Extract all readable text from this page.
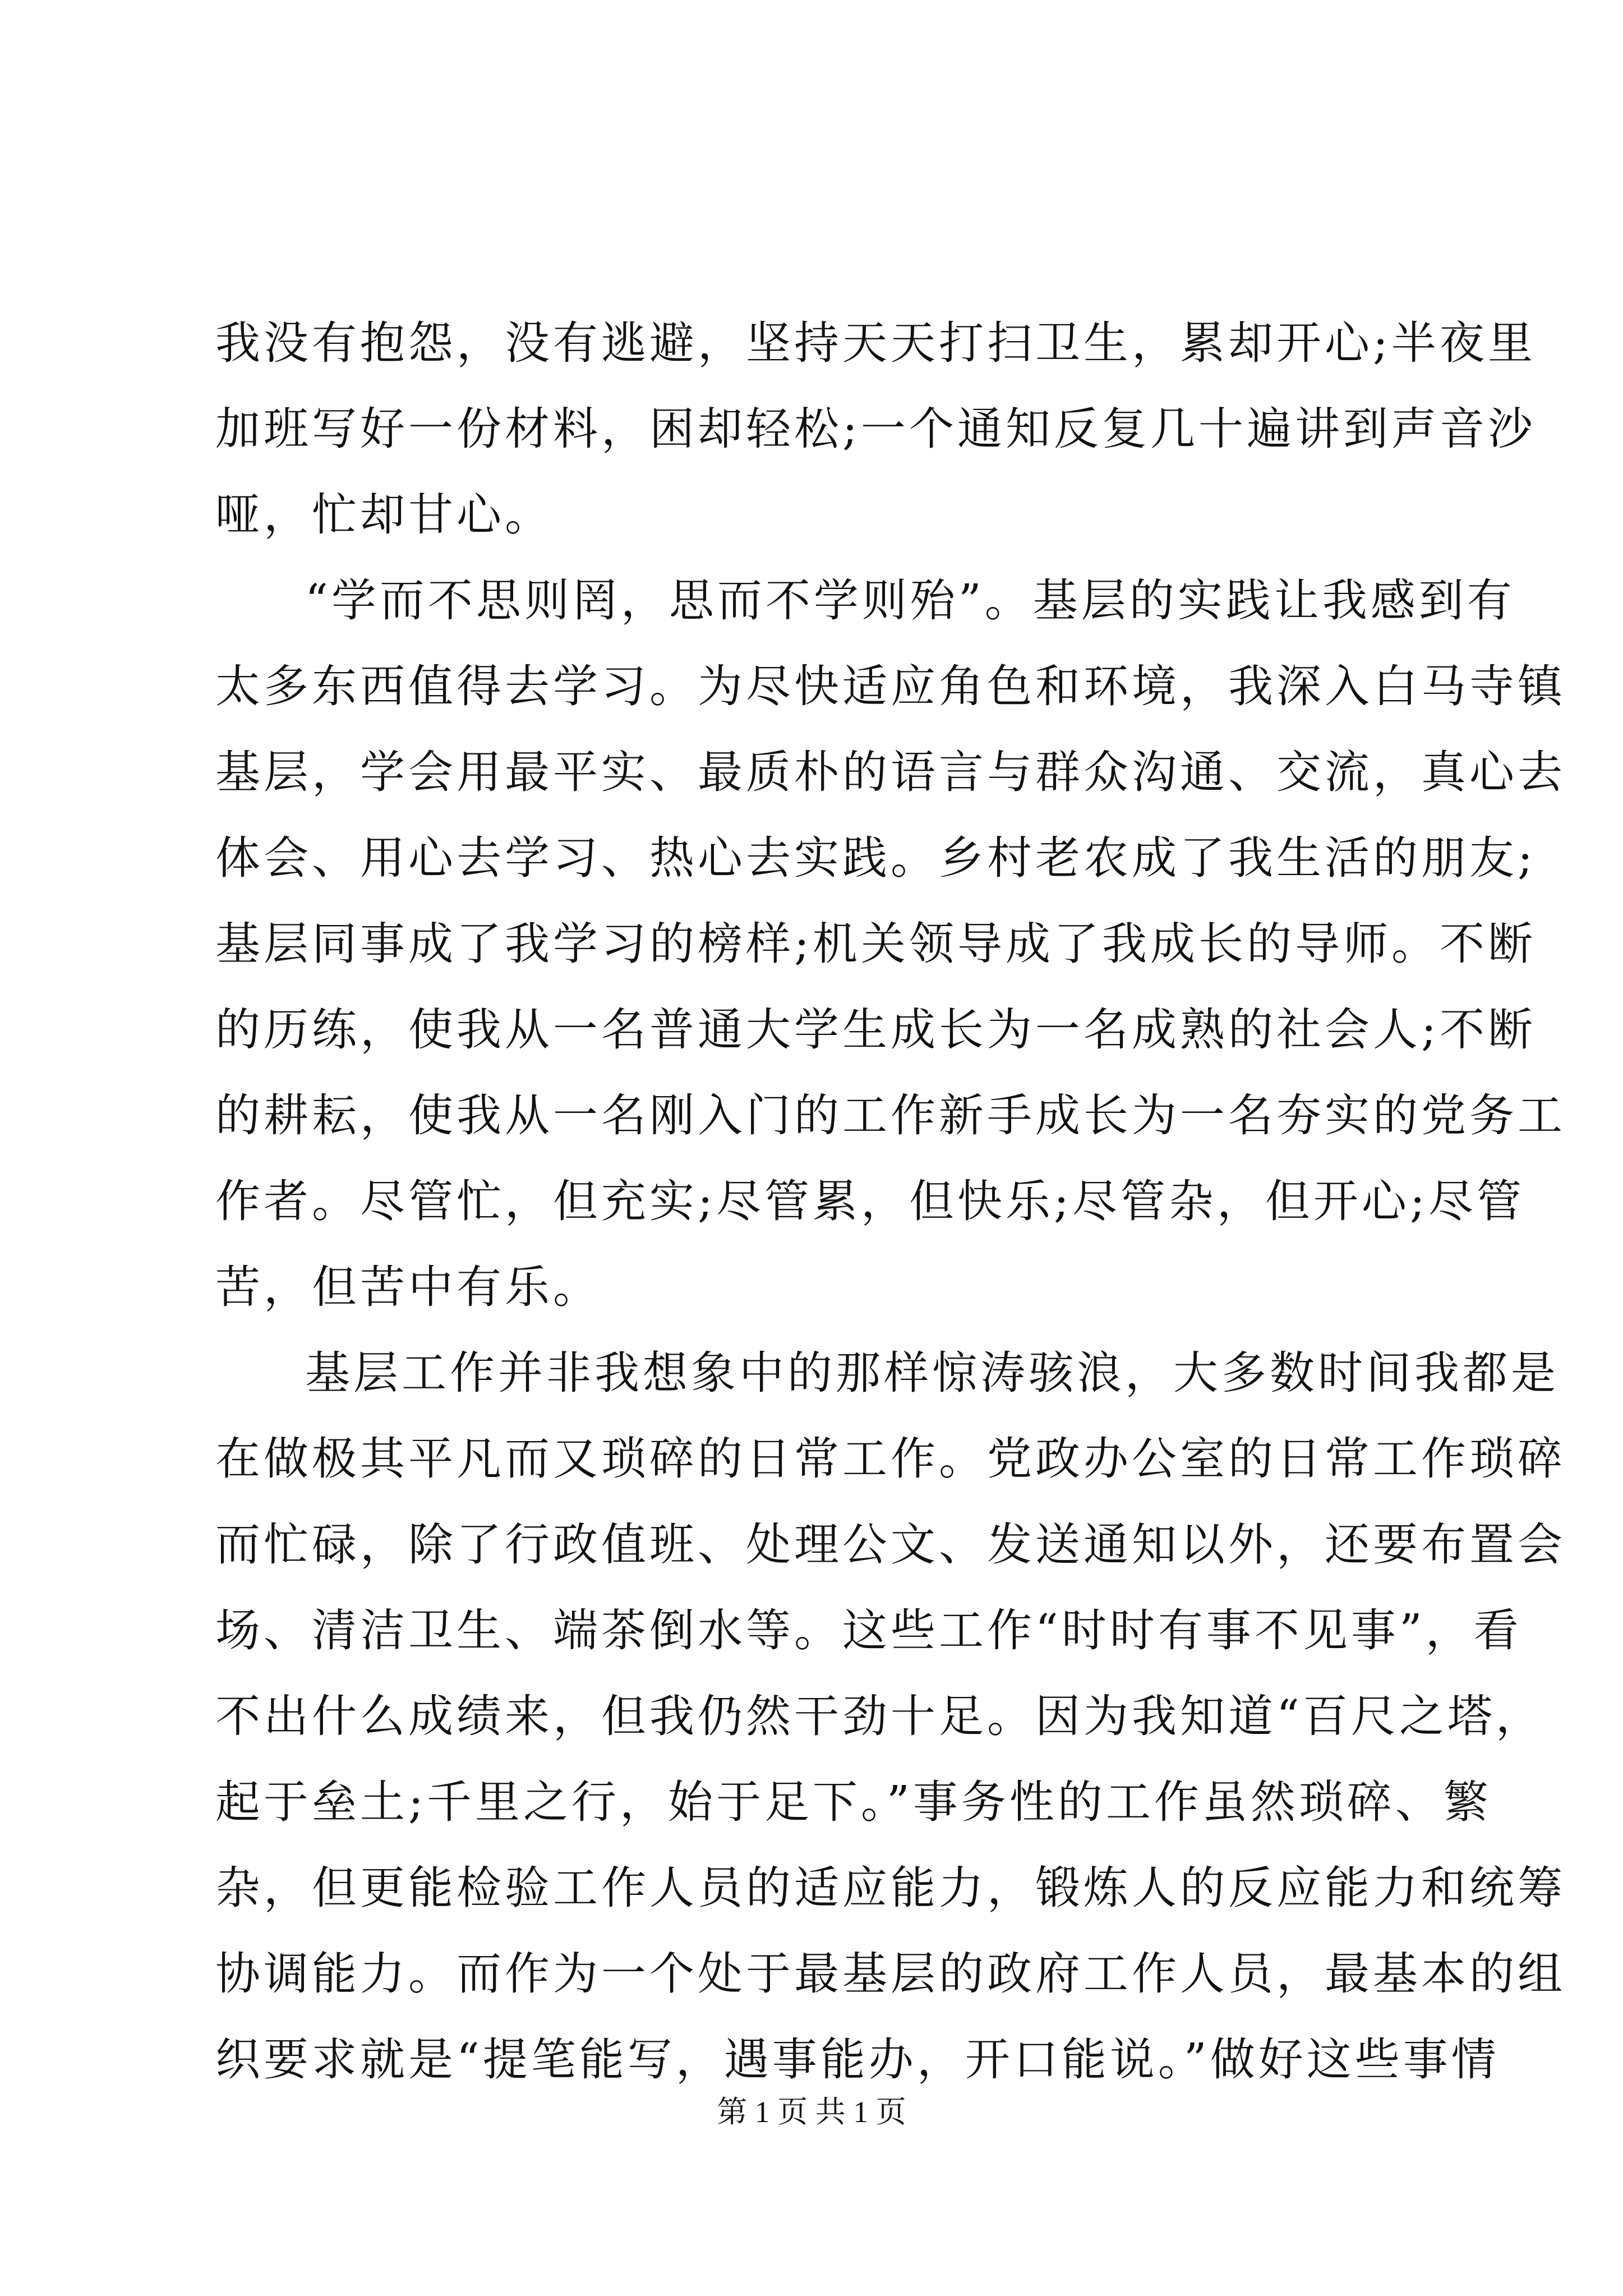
我没有抱怨，没有逃避，坚持天天打扫卫生，累却开心;半夜里
加班写好一份材料，困却轻松;一个通知反复几十遍讲到声音沙
哑，忙却甘心。
“学而不思则罔，思而不学则殆”。基层的实践让我感到有
太多东西值得去学习。为尽快适应角色和环境，我深入白马寺镇
基层，学会用最平实、最质朴的语言与群众沟通、交流，真心去
体会、用心去学习、热心去实践。乡村老农成了我生活的朋友;
基层同事成了我学习的榜样;机关领导成了我成长的导师。不断
的历练，使我从一名普通大学生成长为一名成熟的社会人;不断
的耕耘，使我从一名刚入门的工作新手成长为一名夯实的党务工
作者。尽管忙，但充实;尽管累，但快乐;尽管杂，但开心;尽管
苦，但苦中有乐。
基层工作并非我想象中的那样惊涛骇浪，大多数时间我都是
在做极其平凡而又琐碎的日常工作。党政办公室的日常工作琐碎
而忙碌，除了行政值班、处理公文、发送通知以外，还要布置会
场、清洁卫生、端茶倒水等。这些工作“时时有事不见事”，看
不出什么成绩来，但我仍然干劲十足。因为我知道“百尺之塔，
起于垒土;千里之行，始于足下。”事务性的工作虽然琐碎、繁
杂，但更能检验工作人员的适应能力，锻炼人的反应能力和统筹
协调能力。而作为一个处于最基层的政府工作人员，最基本的组
织要求就是“提笔能写，遇事能办，开口能说。”做好这些事情
第 1 页 共 1 页
